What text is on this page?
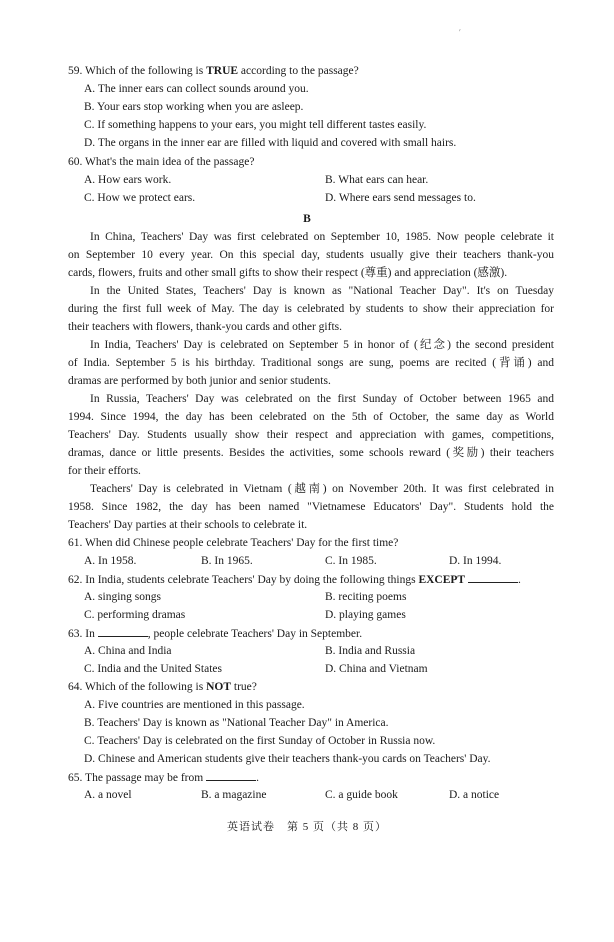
ˊ
59. Which of the following is TRUE according to the passage?
A. The inner ears can collect sounds around you.
B. Your ears stop working when you are asleep.
C. If something happens to your ears, you might tell different tastes easily.
D. The organs in the inner ear are filled with liquid and covered with small hairs.
60. What's the main idea of the passage?
A. How ears work.	B. What ears can hear.
C. How we protect ears.	D. Where ears send messages to.
B
In China, Teachers' Day was first celebrated on September 10, 1985. Now people celebrate it
on September 10 every year. On this special day, students usually give their teachers thank-you
cards, flowers, fruits and other small gifts to show their respect (尊重) and appreciation (感激).
In the United States, Teachers' Day is known as "National Teacher Day". It's on Tuesday
during the first full week of May. The day is celebrated by students to show their appreciation for
their teachers with flowers, thank-you cards and other gifts.
In India, Teachers' Day is celebrated on September 5 in honor of (纪念) the second president
of India. September 5 is his birthday. Traditional songs are sung, poems are recited (背诵) and
dramas are performed by both junior and senior students.
In Russia, Teachers' Day was celebrated on the first Sunday of October between 1965 and
1994. Since 1994, the day has been celebrated on the 5th of October, the same day as World
Teachers' Day. Students usually show their respect and appreciation with games, competitions,
dramas, dance or little presents. Besides the activities, some schools reward (奖励) their teachers
for their efforts.
Teachers' Day is celebrated in Vietnam (越南) on November 20th. It was first celebrated in
1958. Since 1982, the day has been named "Vietnamese Educators' Day". Students hold the
Teachers' Day parties at their schools to celebrate it.
61. When did Chinese people celebrate Teachers' Day for the first time?
A. In 1958.	B. In 1965.	C. In 1985.	D. In 1994.
62. In India, students celebrate Teachers' Day by doing the following things EXCEPT	.
A. singing songs	B. reciting poems
C. performing dramas	D. playing games
63. In	, people celebrate Teachers' Day in September.
A. China and India	B. India and Russia
C. India and the United States	D. China and Vietnam
64. Which of the following is NOT true?
A. Five countries are mentioned in this passage.
B. Teachers' Day is known as "National Teacher Day" in America.
C. Teachers' Day is celebrated on the first Sunday of October in Russia now.
D. Chinese and American students give their teachers thank-you cards on Teachers' Day.
65. The passage may be from	.
A. a novel	B. a magazine	C. a guide book	D. a notice
英语试卷　第 5 页（共 8 页）
